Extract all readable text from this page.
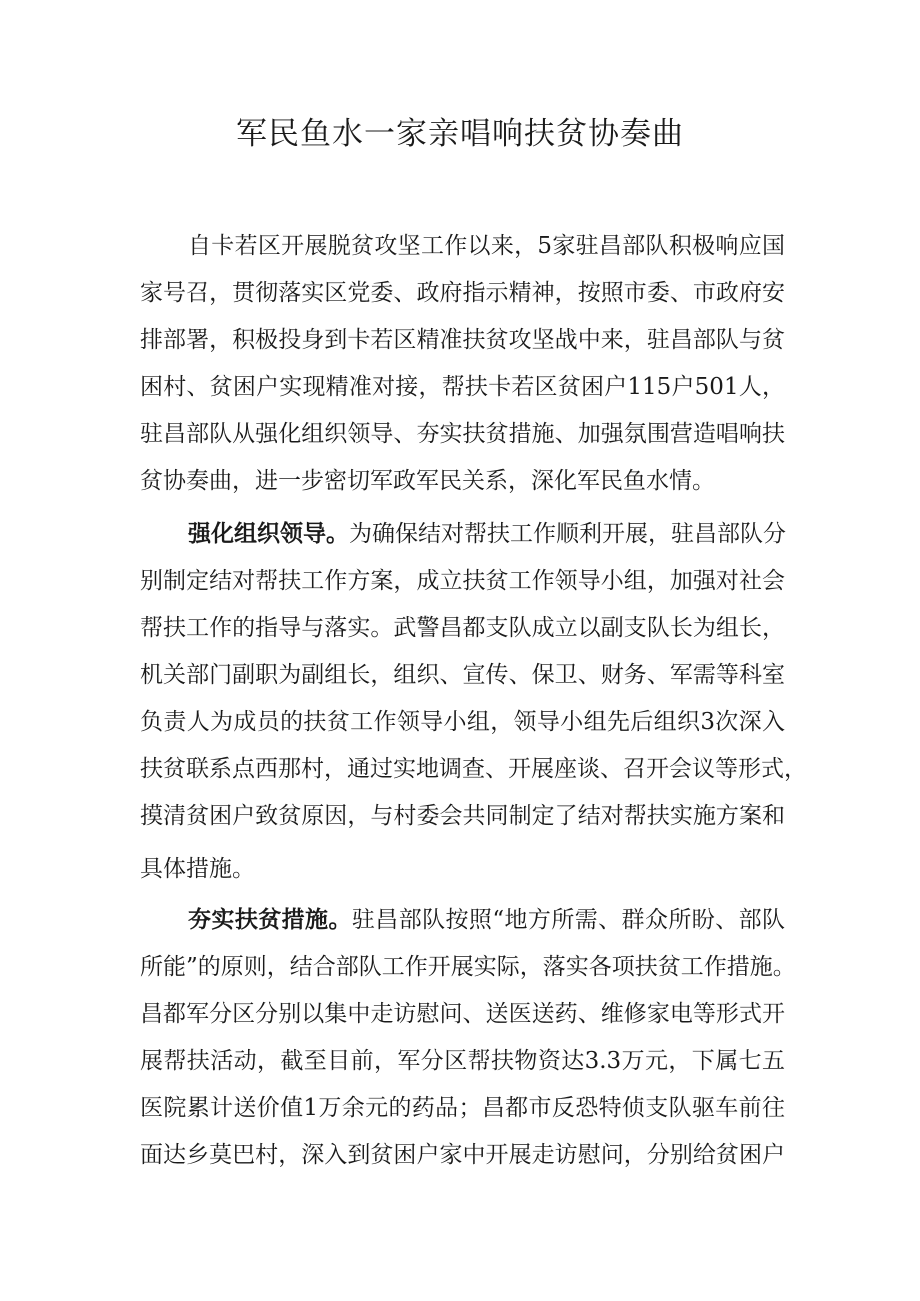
军民鱼水一家亲唱响扶贫协奏曲

自卡若区开展脱贫攻坚工作以来，5家驻昌部队积极响应国

家号召，贯彻落实区党委、政府指示精神，按照市委、市政府安

排部署，积极投身到卡若区精准扶贫攻坚战中来，驻昌部队与贫

困村、贫困户实现精准对接，帮扶卡若区贫困户115户501人，

驻昌部队从强化组织领导、夯实扶贫措施、加强氛围营造唱响扶

贫协奏曲，进一步密切军政军民关系，深化军民鱼水情。

强化组织领导。为确保结对帮扶工作顺利开展，驻昌部队分

别制定结对帮扶工作方案，成立扶贫工作领导小组，加强对社会

帮扶工作的指导与落实。武警昌都支队成立以副支队长为组长，

机关部门副职为副组长，组织、宣传、保卫、财务、军需等科室

负责人为成员的扶贫工作领导小组，领导小组先后组织3次深入

扶贫联系点西那村，通过实地调查、开展座谈、召开会议等形式，

摸清贫困户致贫原因，与村委会共同制定了结对帮扶实施方案和

具体措施。

夯实扶贫措施。驻昌部队按照“地方所需、群众所盼、部队

所能”的原则，结合部队工作开展实际，落实各项扶贫工作措施。

昌都军分区分别以集中走访慰问、送医送药、维修家电等形式开

展帮扶活动，截至目前，军分区帮扶物资达3.3万元，下属七五

医院累计送价值1万余元的药品；昌都市反恐特侦支队驱车前往

面达乡莫巴村，深入到贫困户家中开展走访慰问，分别给贫困户
